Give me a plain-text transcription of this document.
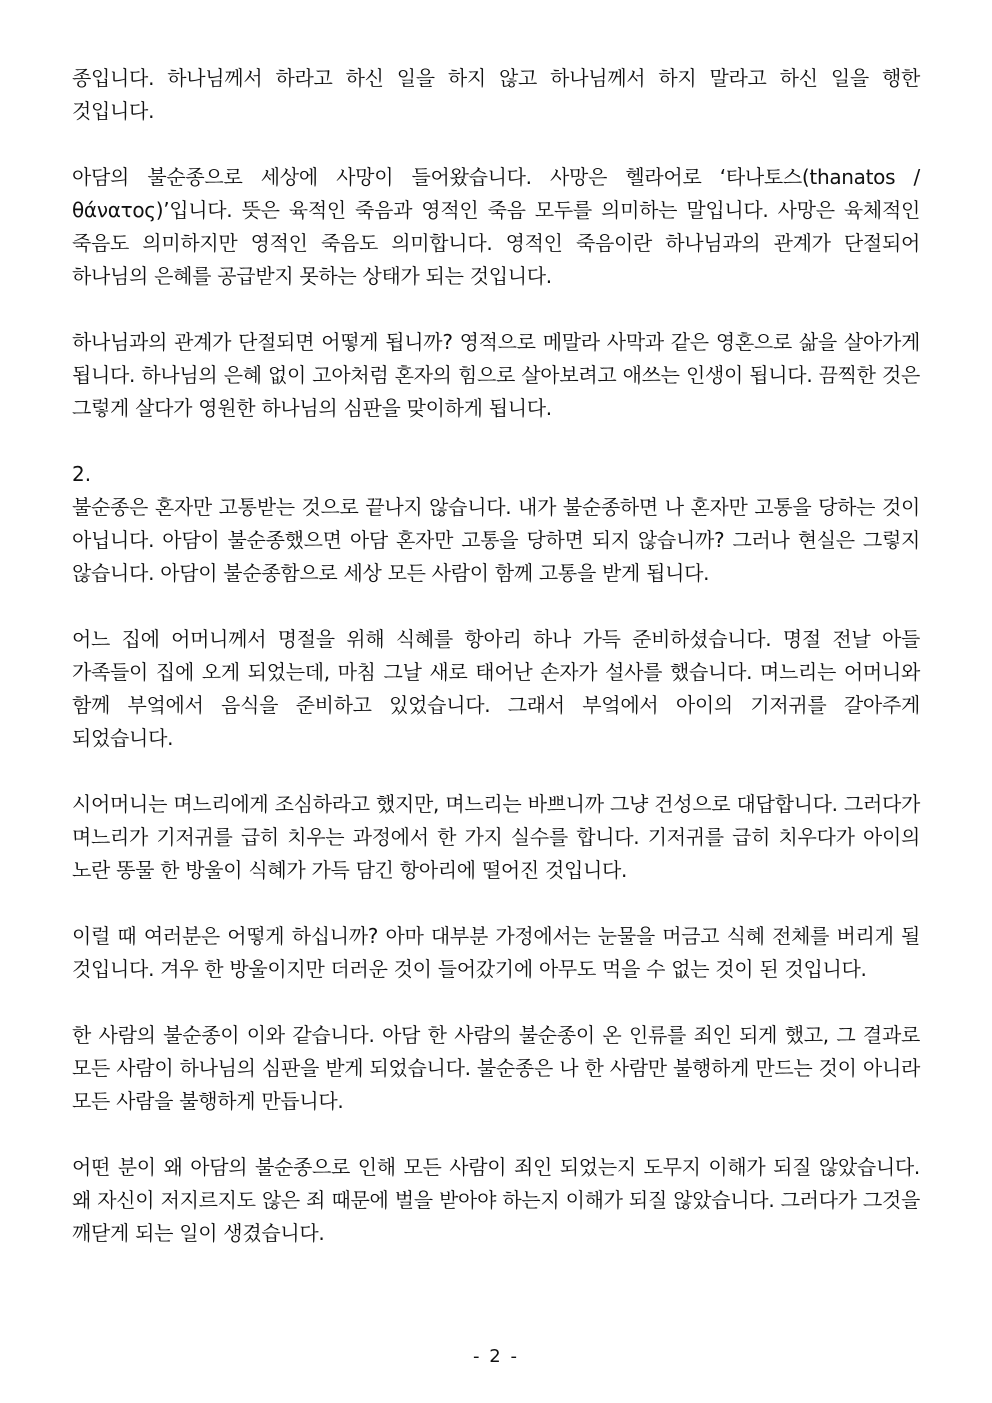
종입니다. 하나님께서 하라고 하신 일을 하지 않고 하나님께서 하지 말라고 하신 일을 행한 것입니다.

아담의 불순종으로 세상에 사망이 들어왔습니다. 사망은 헬라어로 ‘타나토스(thanatos / θάνατος)’입니다. 뜻은 육적인 죽음과 영적인 죽음 모두를 의미하는 말입니다. 사망은 육체적인 죽음도 의미하지만 영적인 죽음도 의미합니다. 영적인 죽음이란 하나님과의 관계가 단절되어 하나님의 은혜를 공급받지 못하는 상태가 되는 것입니다.

하나님과의 관계가 단절되면 어떻게 됩니까? 영적으로 메말라 사막과 같은 영혼으로 삶을 살아가게 됩니다. 하나님의 은혜 없이 고아처럼 혼자의 힘으로 살아보려고 애쓰는 인생이 됩니다. 끔찍한 것은 그렇게 살다가 영원한 하나님의 심판을 맞이하게 됩니다.

2.

불순종은 혼자만 고통받는 것으로 끝나지 않습니다. 내가 불순종하면 나 혼자만 고통을 당하는 것이 아닙니다. 아담이 불순종했으면 아담 혼자만 고통을 당하면 되지 않습니까? 그러나 현실은 그렇지 않습니다. 아담이 불순종함으로 세상 모든 사람이 함께 고통을 받게 됩니다.

어느 집에 어머니께서 명절을 위해 식혜를 항아리 하나 가득 준비하셨습니다. 명절 전날 아들 가족들이 집에 오게 되었는데, 마침 그날 새로 태어난 손자가 설사를 했습니다. 며느리는 어머니와 함께 부엌에서 음식을 준비하고 있었습니다. 그래서 부엌에서 아이의 기저귀를 갈아주게 되었습니다.

시어머니는 며느리에게 조심하라고 했지만, 며느리는 바쁘니까 그냥 건성으로 대답합니다. 그러다가 며느리가 기저귀를 급히 치우는 과정에서 한 가지 실수를 합니다. 기저귀를 급히 치우다가 아이의 노란 똥물 한 방울이 식혜가 가득 담긴 항아리에 떨어진 것입니다.

이럴 때 여러분은 어떻게 하십니까? 아마 대부분 가정에서는 눈물을 머금고 식혜 전체를 버리게 될 것입니다. 겨우 한 방울이지만 더러운 것이 들어갔기에 아무도 먹을 수 없는 것이 된 것입니다.

한 사람의 불순종이 이와 같습니다. 아담 한 사람의 불순종이 온 인류를 죄인 되게 했고, 그 결과로 모든 사람이 하나님의 심판을 받게 되었습니다. 불순종은 나 한 사람만 불행하게 만드는 것이 아니라 모든 사람을 불행하게 만듭니다.

어떤 분이 왜 아담의 불순종으로 인해 모든 사람이 죄인 되었는지 도무지 이해가 되질 않았습니다. 왜 자신이 저지르지도 않은 죄 때문에 벌을 받아야 하는지 이해가 되질 않았습니다. 그러다가 그것을 깨닫게 되는 일이 생겼습니다.

- 2 -
